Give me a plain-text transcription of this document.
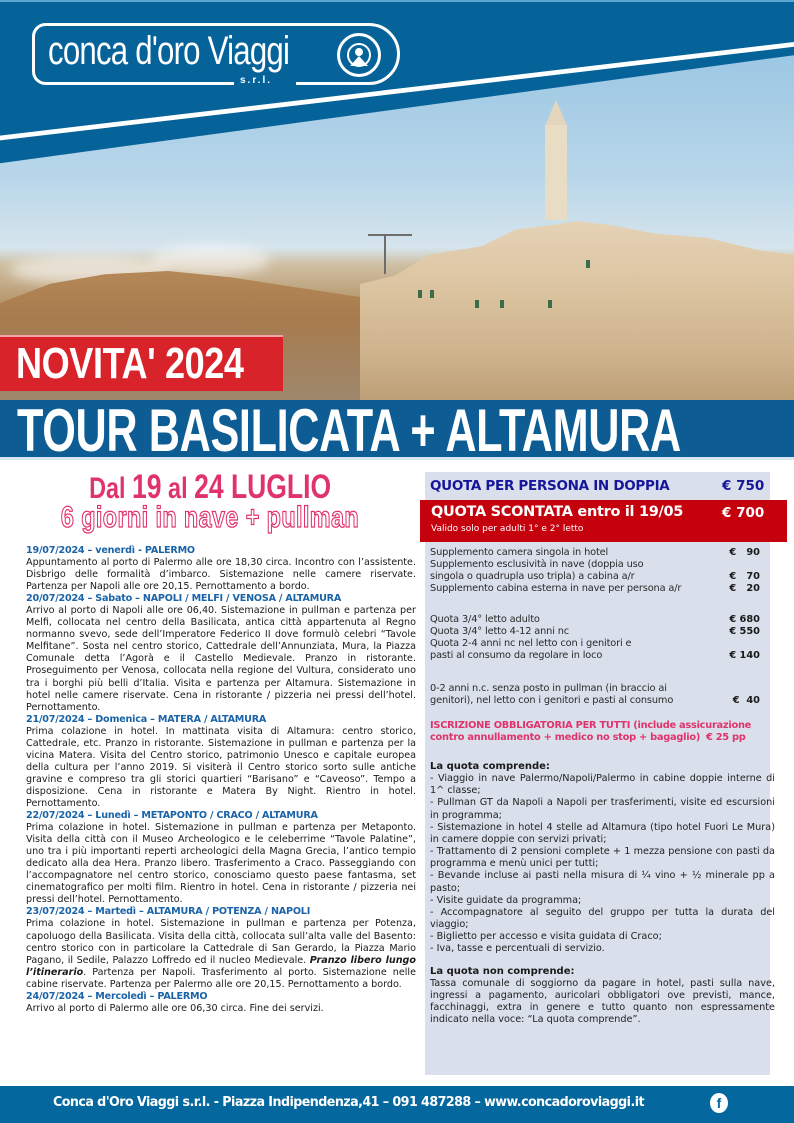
conca d'oro Viaggi
s.r.l.
NOVITA' 2024
TOUR BASILICATA + ALTAMURA
Dal 19 al 24 LUGLIO
6 giorni in nave + pullman
19/07/2024 – venerdì - PALERMO
Appuntamento al porto di Palermo alle ore 18,30 circa. Incontro con l’assistente. Disbrigo delle formalità d’imbarco. Sistemazione nelle camere riservate. Partenza per Napoli alle ore 20,15. Pernottamento a bordo.
20/07/2024 – Sabato – NAPOLI / MELFI / VENOSA / ALTAMURA
Arrivo al porto di Napoli alle ore 06,40. Sistemazione in pullman e partenza per Melfi, collocata nel centro della Basilicata, antica città appartenuta al Regno normanno svevo, sede dell’Imperatore Federico II dove formulò celebri “Tavole Melfitane”. Sosta nel centro storico, Cattedrale dell’Annunziata, Mura, la Piazza Comunale detta l’Agorà e il Castello Medievale. Pranzo in ristorante. Proseguimento per Venosa, collocata nella regione del Vultura, considerato uno tra i borghi più belli d’Italia. Visita e partenza per Altamura. Sistemazione in hotel nelle camere riservate. Cena in ristorante / pizzeria nei pressi dell’hotel. Pernottamento.
21/07/2024 – Domenica – MATERA / ALTAMURA
Prima colazione in hotel. In mattinata visita di Altamura: centro storico, Cattedrale, etc. Pranzo in ristorante. Sistemazione in pullman e partenza per la vicina Matera. Visita del Centro storico, patrimonio Unesco e capitale europea della cultura per l’anno 2019. Si visiterà il Centro storico sorto sulle antiche gravine e compreso tra gli storici quartieri “Barisano” e “Caveoso”. Tempo a disposizione. Cena in ristorante e Matera By Night. Rientro in hotel. Pernottamento.
22/07/2024 – Lunedì – METAPONTO / CRACO / ALTAMURA
Prima colazione in hotel. Sistemazione in pullman e partenza per Metaponto. Visita della città con il Museo Archeologico e le celeberrime “Tavole Palatine”, uno tra i più importanti reperti archeologici della Magna Grecia, l’antico tempio dedicato alla dea Hera. Pranzo libero. Trasferimento a Craco. Passeggiando con l’accompagnatore nel centro storico, conosciamo questo paese fantasma, set cinematografico per molti film. Rientro in hotel. Cena in ristorante / pizzeria nei pressi dell’hotel. Pernottamento.
23/07/2024 – Martedì – ALTAMURA / POTENZA / NAPOLI
Prima colazione in hotel. Sistemazione in pullman e partenza per Potenza, capoluogo della Basilicata. Visita della città, collocata sull’alta valle del Basento: centro storico con in particolare la Cattedrale di San Gerardo, la Piazza Mario Pagano, il Sedile, Palazzo Loffredo ed il nucleo Medievale. Pranzo libero lungo l’itinerario. Partenza per Napoli. Trasferimento al porto. Sistemazione nelle cabine riservate. Partenza per Palermo alle ore 20,15. Pernottamento a bordo.
24/07/2024 – Mercoledì – PALERMO
Arrivo al porto di Palermo alle ore 06,30 circa. Fine dei servizi.
QUOTA PER PERSONA IN DOPPIA	€ 750
QUOTA SCONTATA entro il 19/05	€ 700
Valido solo per adulti 1° e 2° letto
Supplemento camera singola in hotel	€   90
Supplemento esclusività in nave (doppia uso
singola o quadrupla uso tripla) a cabina a/r	€   70
Supplemento cabina esterna in nave per persona a/r	€   20
Quota 3/4° letto adulto	€ 680
Quota 3/4° letto 4-12 anni nc	€ 550
Quota 2-4 anni nc nel letto con i genitori e
pasti al consumo da regolare in loco	€ 140
0-2 anni n.c. senza posto in pullman (in braccio ai
genitori), nel letto con i genitori e pasti al consumo	€  40
ISCRIZIONE OBBLIGATORIA PER TUTTI (include assicurazione
contro annullamento + medico no stop + bagaglio) € 25 pp
La quota comprende:

- Viaggio in nave Palermo/Napoli/Palermo in cabine doppie interne di 1^ classe;

- Pullman GT da Napoli a Napoli per trasferimenti, visite ed escursioni in programma;

- Sistemazione in hotel 4 stelle ad Altamura (tipo hotel Fuori Le Mura) in camere doppie con servizi privati;

- Trattamento di 2 pensioni complete + 1 mezza pensione con pasti da programma e menù unici per tutti;

- Bevande incluse ai pasti nella misura di ¼ vino + ½ minerale pp a pasto;

- Visite guidate da programma;

- Accompagnatore al seguito del gruppo per tutta la durata del viaggio;

- Biglietto per accesso e visita guidata di Craco;

- Iva, tasse e percentuali di servizio.

La quota non comprende:

Tassa comunale di soggiorno da pagare in hotel, pasti sulla nave, ingressi a pagamento, auricolari obbligatori ove previsti, mance, facchinaggi, extra in genere e tutto quanto non espressamente indicato nella voce: “La quota comprende”.

Conca d'Oro Viaggi s.r.l. - Piazza Indipendenza,41 – 091 487288 – www.concadoroviaggi.it	f
